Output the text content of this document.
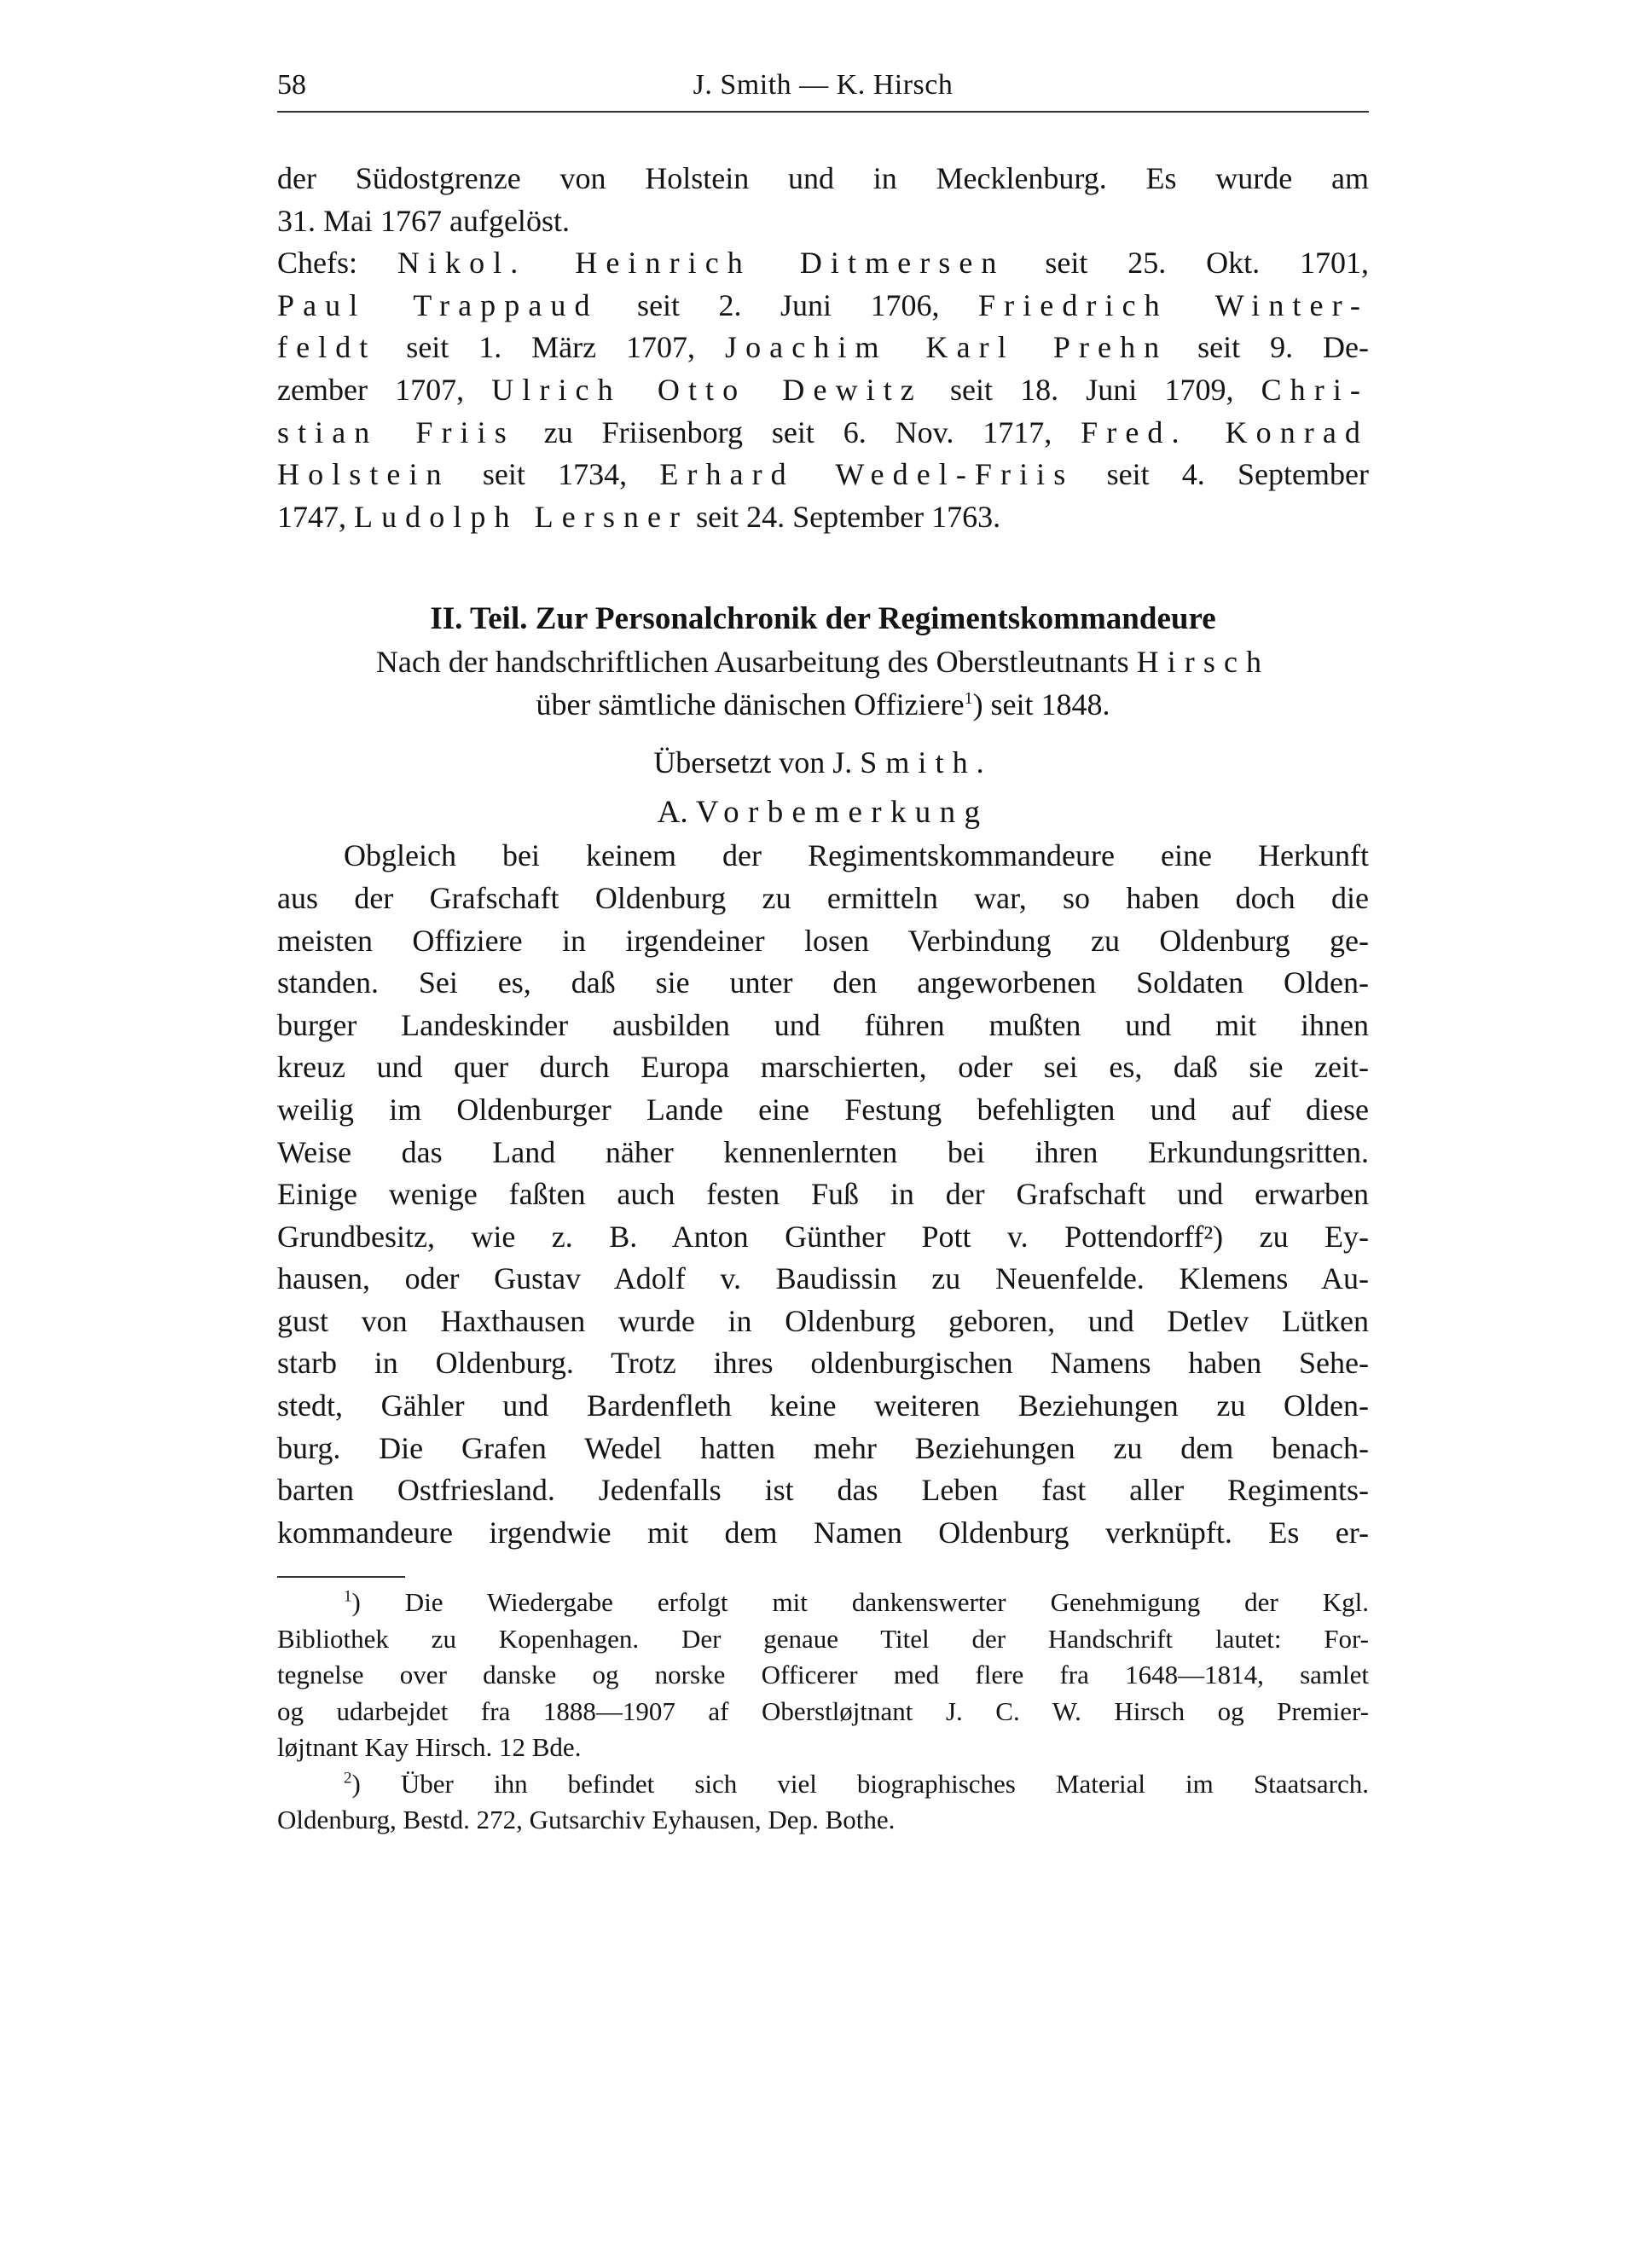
58	J. Smith — K. Hirsch

der Südostgrenze von Holstein und in Mecklenburg. Es wurde am
31. Mai 1767 aufgelöst.

Chefs: Nikol. Heinrich Ditmersen seit 25. Okt. 1701,
Paul Trappaud seit 2. Juni 1706, Friedrich Winter-
feldt seit 1. März 1707, Joachim Karl Prehn seit 9. De-
zember 1707, Ulrich Otto Dewitz seit 18. Juni 1709, Chri-
stian Friis zu Friisenborg seit 6. Nov. 1717, Fred. Konrad
Holstein seit 1734, Erhard Wedel-Friis seit 4. September
1747, Ludolph Lersner seit 24. September 1763.

II. Teil. Zur Personalchronik der Regimentskommandeure

Nach der handschriftlichen Ausarbeitung des Oberstleutnants Hirsch
über sämtliche dänischen Offiziere$^1$) seit 1848.

Übersetzt von J. Smith.

A. Vorbemerkung

Obgleich bei keinem der Regimentskommandeure eine Herkunft
aus der Grafschaft Oldenburg zu ermitteln war, so haben doch die
meisten Offiziere in irgendeiner losen Verbindung zu Oldenburg ge-
standen. Sei es, daß sie unter den angeworbenen Soldaten Olden-
burger Landeskinder ausbilden und führen mußten und mit ihnen
kreuz und quer durch Europa marschierten, oder sei es, daß sie zeit-
weilig im Oldenburger Lande eine Festung befehligten und auf diese
Weise das Land näher kennenlernten bei ihren Erkundungsritten.
Einige wenige faßten auch festen Fuß in der Grafschaft und erwarben
Grundbesitz, wie z. B. Anton Günther Pott v. Pottendorff²) zu Ey-
hausen, oder Gustav Adolf v. Baudissin zu Neuenfelde. Klemens Au-
gust von Haxthausen wurde in Oldenburg geboren, und Detlev Lütken
starb in Oldenburg. Trotz ihres oldenburgischen Namens haben Sehe-
stedt, Gähler und Bardenfleth keine weiteren Beziehungen zu Olden-
burg. Die Grafen Wedel hatten mehr Beziehungen zu dem benach-
barten Ostfriesland. Jedenfalls ist das Leben fast aller Regiments-
kommandeure irgendwie mit dem Namen Oldenburg verknüpft. Es er-
$^1$) Die Wiedergabe erfolgt mit dankenswerter Genehmigung der Kgl.
Bibliothek zu Kopenhagen. Der genaue Titel der Handschrift lautet: For-
tegnelse over danske og norske Officerer med flere fra 1648—1814, samlet
og udarbejdet fra 1888—1907 af Oberstløjtnant J. C. W. Hirsch og Premier-
løjtnant Kay Hirsch. 12 Bde.
$^2$) Über ihn befindet sich viel biographisches Material im Staatsarch.
Oldenburg, Bestd. 272, Gutsarchiv Eyhausen, Dep. Bothe.
